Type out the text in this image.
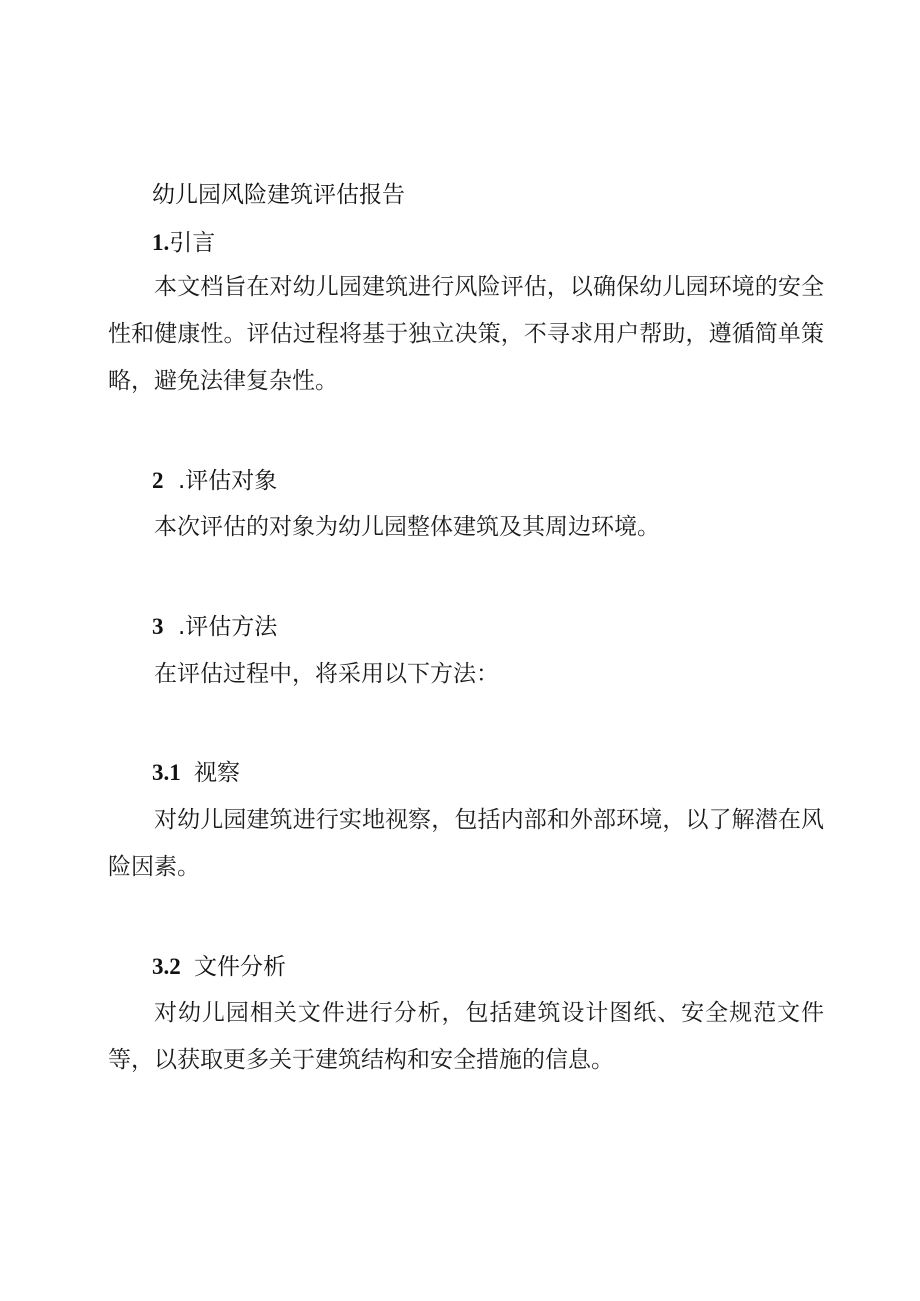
幼儿园风险建筑评估报告
1.引言

本文档旨在对幼儿园建筑进行风险评估，以确保幼儿园环境的安全性和健康性。评估过程将基于独立决策，不寻求用户帮助，遵循简单策略，避免法律复杂性。

2 .评估对象

本次评估的对象为幼儿园整体建筑及其周边环境。

3 .评估方法

在评估过程中，将采用以下方法：

3.1 视察

对幼儿园建筑进行实地视察，包括内部和外部环境，以了解潜在风险因素。

3.2 文件分析

对幼儿园相关文件进行分析，包括建筑设计图纸、安全规范文件等，以获取更多关于建筑结构和安全措施的信息。
